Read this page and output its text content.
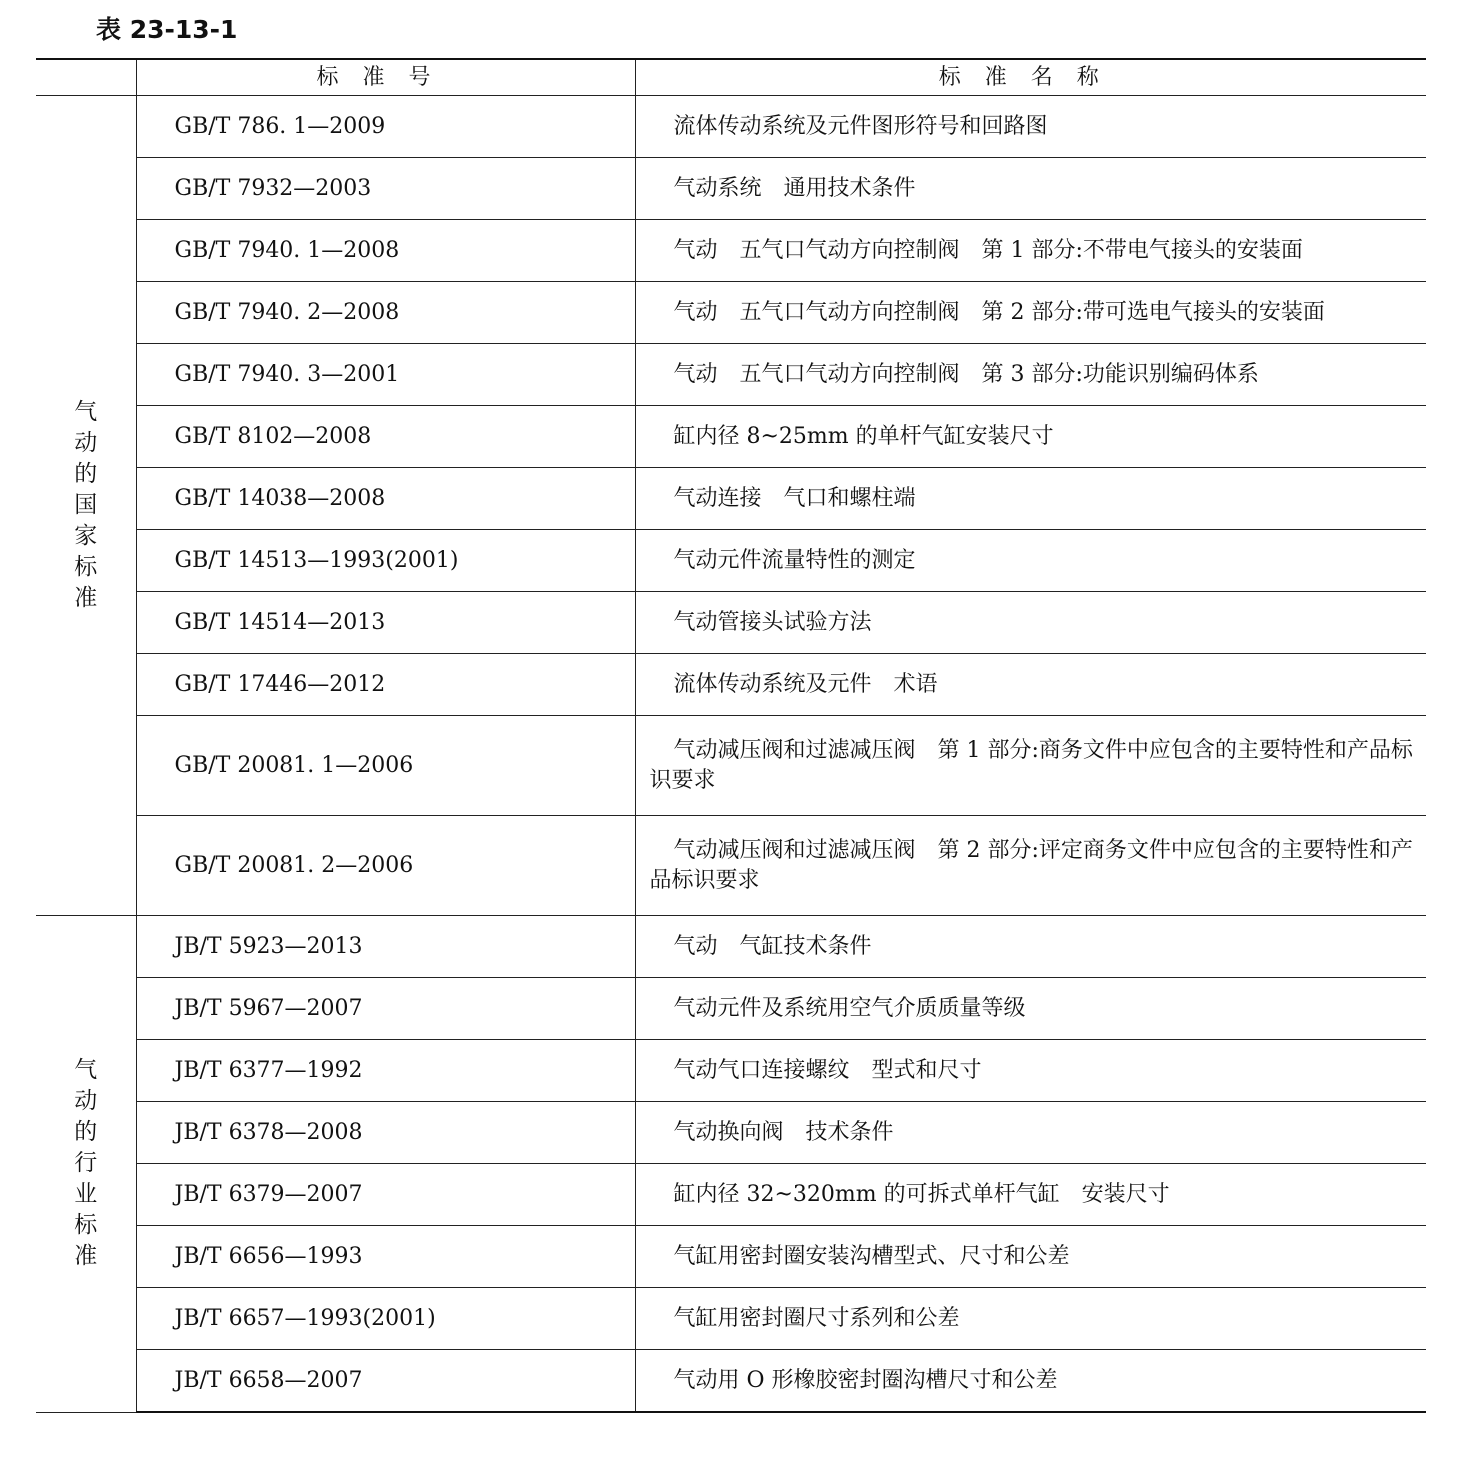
表 23-13-1
	标准号	标准名称

气动的国家标准	GB/T 786. 1—2009	流体传动系统及元件图形符号和回路图
	GB/T 7932—2003	气动系统　通用技术条件
	GB/T 7940. 1—2008	气动　五气口气动方向控制阀　第 1 部分:不带电气接头的安装面
	GB/T 7940. 2—2008	气动　五气口气动方向控制阀　第 2 部分:带可选电气接头的安装面
	GB/T 7940. 3—2001	气动　五气口气动方向控制阀　第 3 部分:功能识别编码体系
	GB/T 8102—2008	缸内径 8~25mm 的单杆气缸安装尺寸
	GB/T 14038—2008	气动连接　气口和螺柱端
	GB/T 14513—1993(2001)	气动元件流量特性的测定
	GB/T 14514—2013	气动管接头试验方法
	GB/T 17446—2012	流体传动系统及元件　术语
	GB/T 20081. 1—2006	气动减压阀和过滤减压阀　第 1 部分:商务文件中应包含的主要特性和产品标识要求
	GB/T 20081. 2—2006	气动减压阀和过滤减压阀　第 2 部分:评定商务文件中应包含的主要特性和产品标识要求

气动的行业标准	JB/T 5923—2013	气动　气缸技术条件
	JB/T 5967—2007	气动元件及系统用空气介质质量等级
	JB/T 6377—1992	气动气口连接螺纹　型式和尺寸
	JB/T 6378—2008	气动换向阀　技术条件
	JB/T 6379—2007	缸内径 32~320mm 的可拆式单杆气缸　安装尺寸
	JB/T 6656—1993	气缸用密封圈安装沟槽型式、尺寸和公差
	JB/T 6657—1993(2001)	气缸用密封圈尺寸系列和公差
	JB/T 6658—2007	气动用 O 形橡胶密封圈沟槽尺寸和公差
